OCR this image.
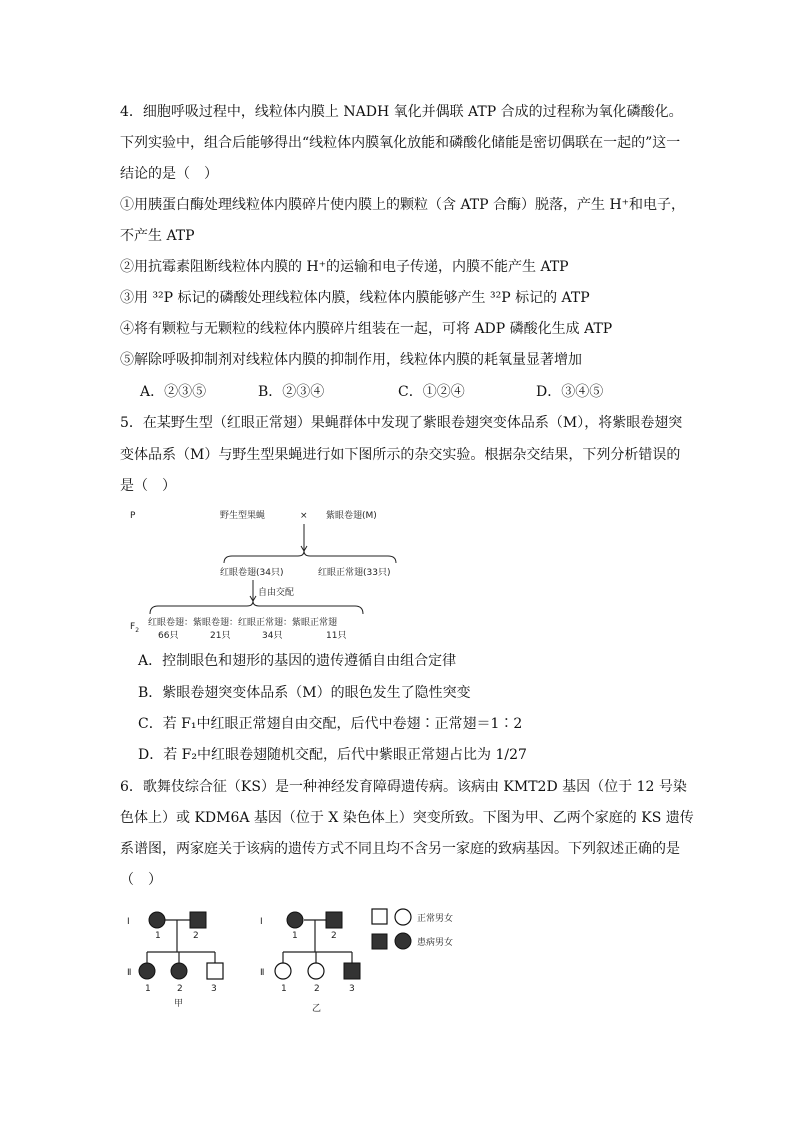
4．细胞呼吸过程中，线粒体内膜上 NADH 氧化并偶联 ATP 合成的过程称为氧化磷酸化。
下列实验中，组合后能够得出“线粒体内膜氧化放能和磷酸化储能是密切偶联在一起的”这一
结论的是（　）
①用胰蛋白酶处理线粒体内膜碎片使内膜上的颗粒（含 ATP 合酶）脱落，产生 H⁺和电子，
不产生 ATP
②用抗霉素阻断线粒体内膜的 H⁺的运输和电子传递，内膜不能产生 ATP
③用 ³²P 标记的磷酸处理线粒体内膜，线粒体内膜能够产生 ³²P 标记的 ATP
④将有颗粒与无颗粒的线粒体内膜碎片组装在一起，可将 ADP 磷酸化生成 ATP
⑤解除呼吸抑制剂对线粒体内膜的抑制作用，线粒体内膜的耗氧量显著增加
A．②③⑤	B．②③④	C．①②④	D．③④⑤
5．在某野生型（红眼正常翅）果蝇群体中发现了紫眼卷翅突变体品系（M），将紫眼卷翅突
变体品系（M）与野生型果蝇进行如下图所示的杂交实验。根据杂交结果，下列分析错误的
是（　）
P	野生型果蝇	× 紫眼卷翅(M)
红眼卷翅(34只)	红眼正常翅(33只)
自由交配
$F_2$
红眼卷翅：紫眼卷翅：红眼正常翅：紫眼正常翅
66只	21只	34只	11只
A．控制眼色和翅形的基因的遗传遵循自由组合定律
B．紫眼卷翅突变体品系（M）的眼色发生了隐性突变
C．若 F₁中红眼正常翅自由交配，后代中卷翅∶正常翅＝1∶2
D．若 F₂中红眼卷翅随机交配，后代中紫眼正常翅占比为 1/27
6．歌舞伎综合征（KS）是一种神经发育障碍遗传病。该病由 KMT2D 基因（位于 12 号染
色体上）或 KDM6A 基因（位于 X 染色体上）突变所致。下图为甲、乙两个家庭的 KS 遗传
系谱图，两家庭关于该病的遗传方式不同且均不含另一家庭的致病基因。下列叙述正确的是
（　）
Ⅰ
Ⅱ
Ⅰ
Ⅱ
1	2
1	2	3
甲
1	2
1	2	3
乙
正常男女
患病男女
